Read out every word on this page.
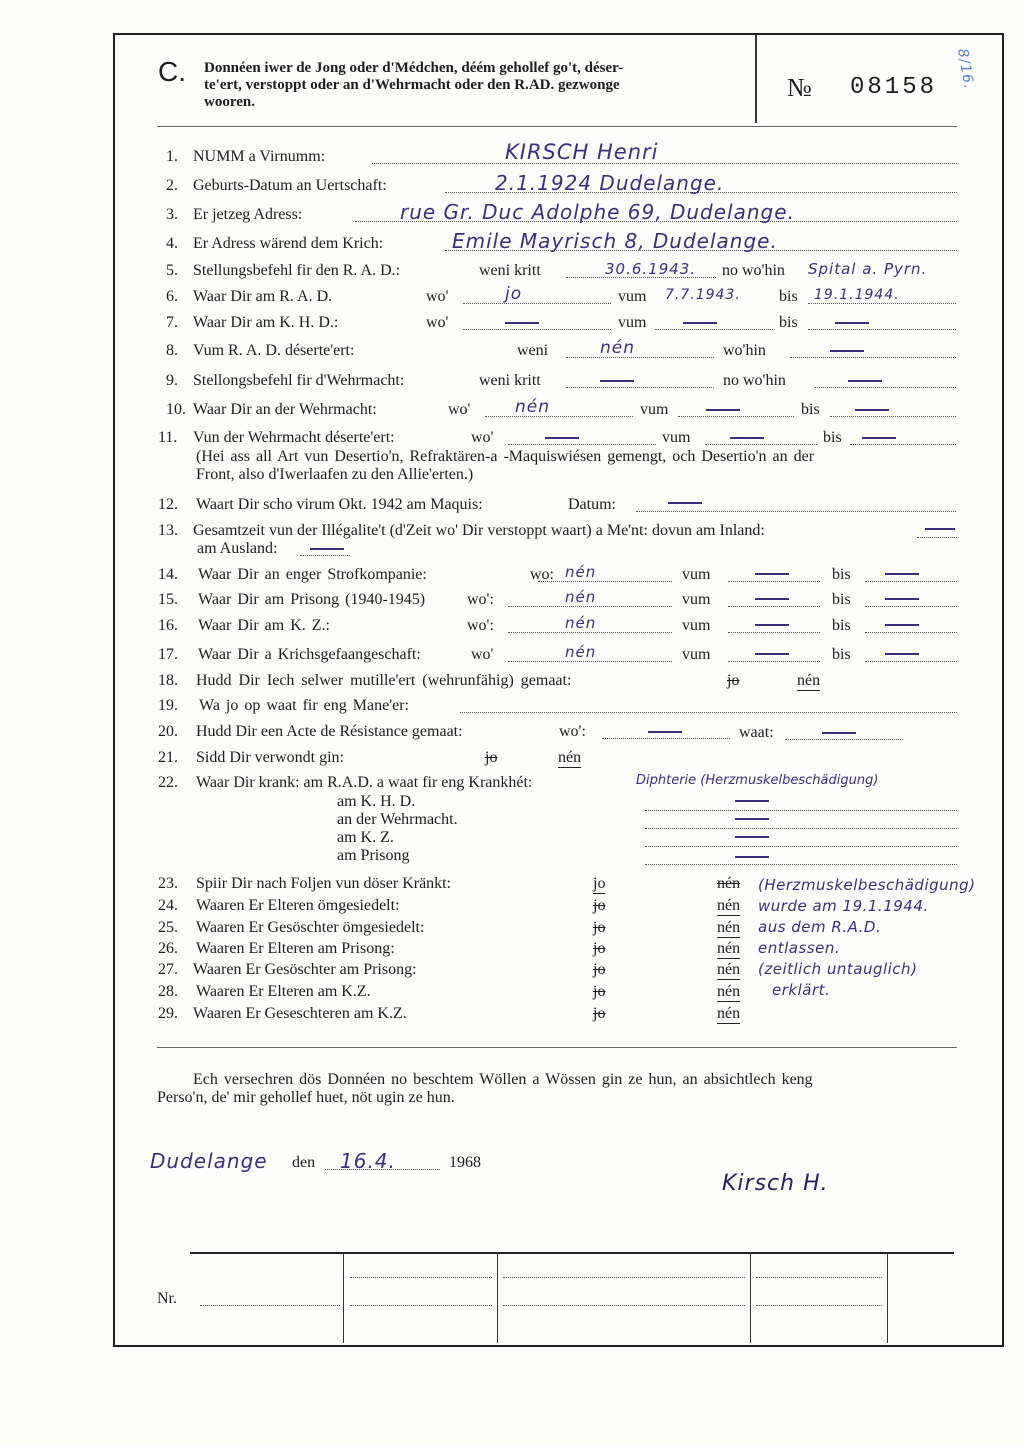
C. Donnéen iwer de Jong oder d'Médchen, déém gehollef go't, déser-
te'ert, verstoppt oder an d'Wehrmacht oder den R.AD. gezwonge
wooren.	№ 08158 8/16.
1. NUMM a Virnumm:	KIRSCH Henri
2. Geburts-Datum an Uertschaft:	2.1.1924 Dudelange.
3. Er jetzeg Adress:	rue Gr. Duc Adolphe 69, Dudelange.
4. Er Adress wärend dem Krich:	Emile Mayrisch 8, Dudelange.
5. Stellungsbefehl fir den R. A. D.:	weni kritt	30.6.1943. no wo'hin Spital a. Pyrn.
6. Waar Dir am R. A. D.	wo'	jo	vum 7.7.1943. bis 19.1.1944.
7. Waar Dir am K. H. D.:	wo'	vum	bis
8. Vum R. A. D. déserte'ert:	weni	nén	wo'hin
9. Stellongsbefehl fir d'Wehrmacht:	weni kritt	no wo'hin
10. Waar Dir an der Wehrmacht:	wo'	nén	vum	bis
11. Vun der Wehrmacht déserte'ert:	wo'	vum	bis
(Hei ass all Art vun Desertio'n, Refraktären-a -Maquiswiésen gemengt, och Desertio'n an der
Front, also d'Iwerlaafen zu den Allie'erten.)
12. Waart Dir scho virum Okt. 1942 am Maquis:	Datum:
13. Gesamtzeit vun der Illégalite't (d'Zeit wo' Dir verstoppt waart) a Me'nt: dovun am Inland:
am Ausland:
14. Waar Dir an enger Strofkompanie:	wo: nén	vum	bis
15. Waar Dir am Prisong (1940-1945)	wo':	nén	vum	bis
16. Waar Dir am K. Z.:	wo':	nén	vum	bis
17. Waar Dir a Krichsgefaangeschaft:	wo'	nén	vum	bis
18. Hudd Dir Iech selwer mutille'ert (wehrunfähig) gemaat:	jo	nén
19. Wa jo op waat fir eng Mane'er:
20. Hudd Dir een Acte de Résistance gemaat:	wo':	waat:
21. Sidd Dir verwondt gin:	jo	nén
22. Waar Dir krank: am R.A.D. a waat fir eng Krankhét:	Diphterie (Herzmuskelbeschädigung)
am K. H. D.
an der Wehrmacht.
am K. Z.
am Prisong
23. Spiir Dir nach Foljen vun döser Kränkt:	jo	nén
24. Waaren Er Elteren ömgesiedelt:	jo	nén
25. Waaren Er Gesöschter ömgesiedelt:	jo	nén
26. Waaren Er Elteren am Prisong:	jo	nén
27. Waaren Er Gesöschter am Prisong:	jo	nén
28. Waaren Er Elteren am K.Z.	jo	nén
29. Waaren Er Geseschteren am K.Z.	jo	nén
(Herzmuskelbeschädigung)
wurde am 19.1.1944.
aus dem R.A.D.
entlassen.
(zeitlich untauglich)
erklärt.
Ech versechren dös Donnéen no beschtem Wöllen a Wössen gin ze hun, an absichtlech keng
Perso'n, de' mir gehollef huet, nöt ugin ze hun.
Dudelange den 16.4.	1968
Kirsch H.
Nr.
